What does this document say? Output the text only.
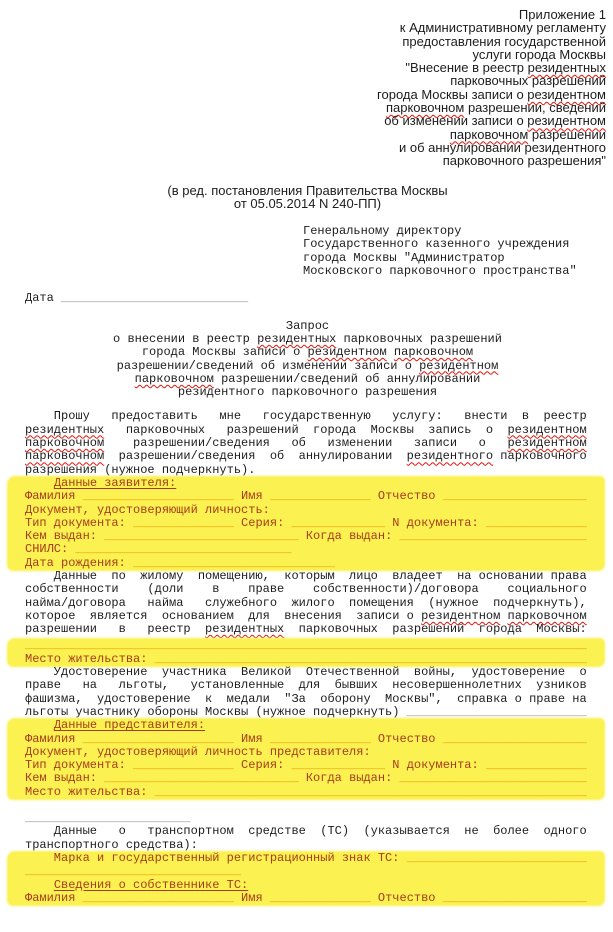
Приложение 1
к Административному регламенту
предоставления государственной
услуги города Москвы
"Внесение в реестр резидентных
парковочных разрешений
города Москвы записи о резидентном
парковочном разрешении, сведений
об изменении записи о резидентном
парковочном разрешении
и об аннулировании резидентного
парковочного разрешения"
(в ред. постановления Правительства Москвы
от 05.05.2014 N 240-ПП)
Генеральному директору
Государственного казенного учреждения
города Москвы "Администратор
Московского парковочного пространства"
Дата __________________________
Запрос
о внесении в реестр резидентных парковочных разрешений
города Москвы записи о резидентном парковочном
разрешении/сведений об изменении записи о резидентном
парковочном разрешении/сведений об аннулировании
резидентного парковочного разрешения
Прошу   предоставить   мне   государственную   услугу:   внести  в  реестр
резидентных   парковочных   разрешений  города  Москвы  запись  о  резидентном
парковочном    разрешении/сведения   об   изменении   записи   о   резидентном
парковочном  разрешении/сведения  об  аннулировании  резидентного парковочного
разрешения (нужное подчеркнуть).
Данные заявителя:
Фамилия _____________________ Имя ______________ Отчество ____________________
Документ, удостоверяющий личность:
Тип документа: ______________ Серия: _____________ N документа: ______________
Кем выдан: ___________________________ Когда выдан: __________________________
СНИЛС: ______________________________
Дата рождения: ____________________________
Данные  по  жилому  помещению,  которым  лицо  владеет  на основании права
собственности    (доли    в    праве    собственности)/договора    социального
найма/договора   найма   служебного  жилого  помещения  (нужное  подчеркнуть),
которое  является  основанием  для  внесения  записи о резидентном парковочном
разрешении   в   реестр  резидентных  парковочных  разрешений  города  Москвы:
______________________________________________________________________________
Место жительства: ____________________________________________________________
Удостоверение  участника  Великой  Отечественной  войны,  удостоверение  о
праве   на   льготы,   установленные  для  бывших  несовершеннолетних  узников
фашизма,  удостоверение  к  медали  "За  оборону  Москвы",  справка о праве на
льготы участнику обороны Москвы (нужное подчеркнуть) _________________________
Данные представителя:
Фамилия _____________________ Имя ______________ Отчество ____________________
Документ, удостоверяющий личность представителя:
Тип документа: ______________ Серия: _____________ N документа: ______________
Кем выдан: ___________________________ Когда выдан: __________________________
Место жительства: ____________________________________________________________
_______________________
Данные   о   транспортном  средстве  (ТС)  (указывается  не  более  одного
транспортного средства):
Марка и государственный регистрационный знак ТС: _________________________
______________________________
Сведения о собственнике ТС:
Фамилия _____________________ Имя ______________ Отчество ____________________
